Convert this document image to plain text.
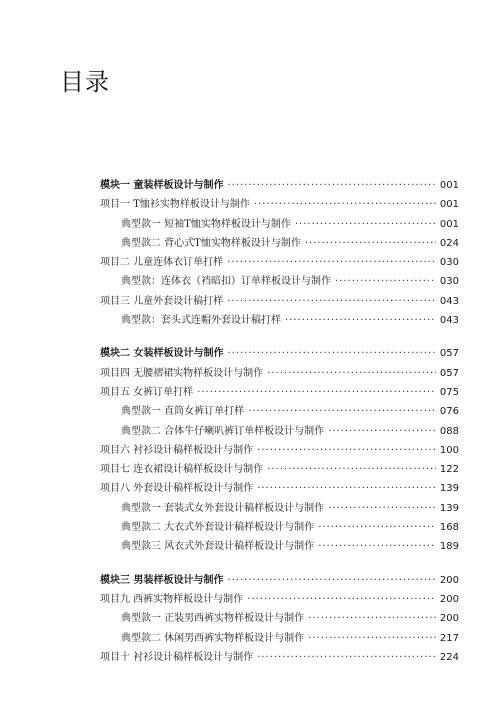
目录
模块一 童装样板设计与制作 ·····	001
项目一 T恤衫实物样板设计与制作 ·····	001
典型款一 短袖T恤实物样板设计与制作 ·····	001
典型款二 背心式T恤实物样板设计与制作 ·····	024
项目二 儿童连体衣订单打样 ·····	030
典型款：连体衣（裆暗扣）订单样板设计与制作 ·····	030
项目三 儿童外套设计稿打样 ·····	043
典型款：套头式连帽外套设计稿打样 ·····	043
模块二 女装样板设计与制作 ·····	057
项目四 无腰褶裙实物样板设计与制作 ·····	057
项目五 女裤订单打样 ·····	075
典型款一 直筒女裤订单打样 ·····	076
典型款二 合体牛仔喇叭裤订单样板设计与制作 ·····	088
项目六 衬衫设计稿样板设计与制作 ·····	100
项目七 连衣裙设计稿样板设计与制作 ·····	122
项目八 外套设计稿样板设计与制作 ·····	139
典型款一 套装式女外套设计稿样板设计与制作 ·····	139
典型款二 大衣式外套设计稿样板设计与制作 ·····	168
典型款三 风衣式外套设计稿样板设计与制作 ·····	189
模块三 男装样板设计与制作 ·····	200
项目九 西裤实物样板设计与制作 ·····	200
典型款一 正装男西裤实物样板设计与制作 ·····	200
典型款二 休闲男西裤实物样板设计与制作 ·····	217
项目十 衬衫设计稿样板设计与制作 ·····	224
